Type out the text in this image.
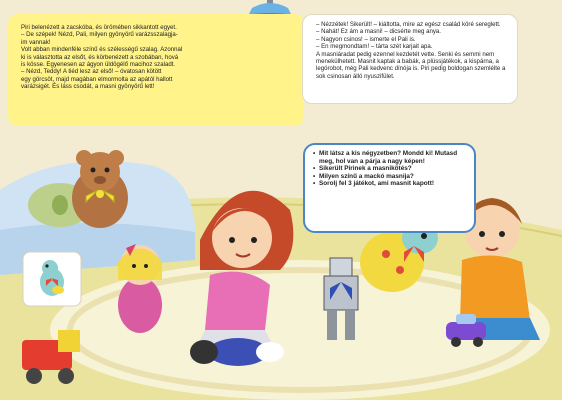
Piri belenézett a zacskóba, és örömében sikkantott egyet.

– De szépek! Nézd, Pali, milyen gyönyörű varázsszalagja-

im vannak!

Volt abban mindenféle színű és szélességű szalag. Azonnal

ki is választotta az elsőt, és körbenézett a szobában, hová

is kösse. Egyenesen az ágyon üldögélő macihoz szaladt.

– Nézd, Teddy! A tiéd lesz az első! – óvatosan kötött

egy görcsöt, majd magában elmormolta az apától hallott

varázsigét. És láss csodát, a masni gyönyörű lett!

– Nézzétek! Sikerült! – kiáltotta, mire az egész család köré sereglett.

– Nahát! Ez ám a masni! – dicsérte meg anya.

– Nagyon csinos! – ismerte el Pali is.

– En megmondtam! – tárta szét karjait apa.

A masniáradat pedig ezennel kezdetét vette. Senki és semmi nem

menekülhetett. Masnit kaptak a babák, a plüssjátékok, a kispárna, a

legórobot, még Pali kedvenc dínója is. Piri pedig boldogan szemlélte a

sok csinosan álló nyuszifület.

• Mit látsz a kis négyzetben? Mondd ki! Mutasd meg, hol van a párja a nagy képen!
• Sikerült Pirinek a masnikötés?
• Milyen színű a mackó masnija?
• Sorolj fel 3 játékot, ami masnit kapott!
